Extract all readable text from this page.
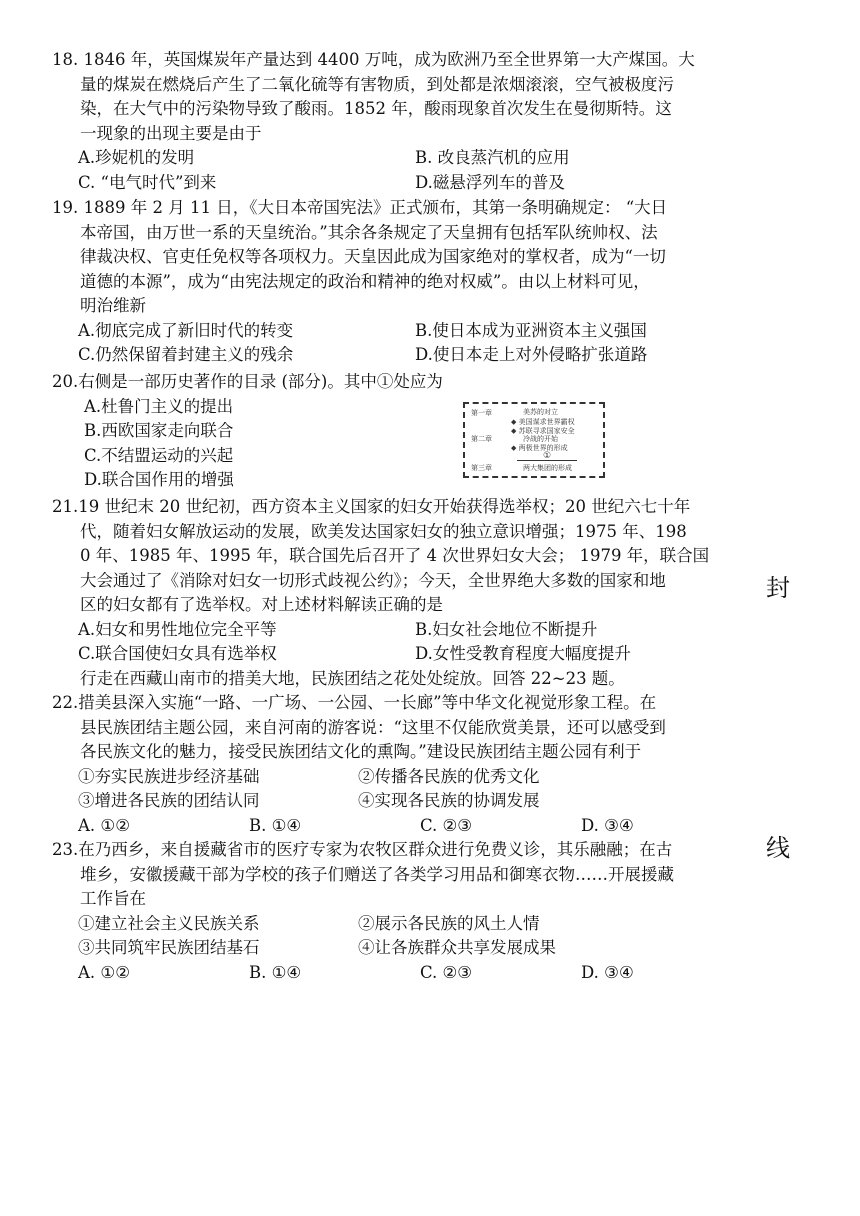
18. 1846 年，英国煤炭年产量达到 4400 万吨，成为欧洲乃至全世界第一大产煤国。大
量的煤炭在燃烧后产生了二氧化硫等有害物质，到处都是浓烟滚滚，空气被极度污
染，在大气中的污染物导致了酸雨。1852 年，酸雨现象首次发生在曼彻斯特。这
一现象的出现主要是由于
A.珍妮机的发明	B. 改良蒸汽机的应用
C. “电气时代”到来	D.磁悬浮列车的普及
19. 1889 年 2 月 11 日，《大日本帝国宪法》正式颁布，其第一条明确规定： “大日
本帝国，由万世一系的天皇统治。”其余各条规定了天皇拥有包括军队统帅权、法
律裁决权、官吏任免权等各项权力。天皇因此成为国家绝对的掌权者，成为“一切
道德的本源”，成为“由宪法规定的政治和精神的绝对权威”。由以上材料可见，
明治维新
A.彻底完成了新旧时代的转变	B.使日本成为亚洲资本主义强国
C.仍然保留着封建主义的残余	D.使日本走上对外侵略扩张道路
20.右侧是一部历史著作的目录 (部分)。其中①处应为
A.杜鲁门主义的提出
B.西欧国家走向联合
C.不结盟运动的兴起
D.联合国作用的增强
第一章	美苏的对立
◆ 美国谋求世界霸权
◆ 苏联寻求国家安全
第二章	冷战的开始
◆ 两极世界的形成
①
第三章	两大集团的形成
21.19 世纪末 20 世纪初，西方资本主义国家的妇女开始获得选举权；20 世纪六七十年
代，随着妇女解放运动的发展，欧美发达国家妇女的独立意识增强；1975 年、198
0 年、1985 年、1995 年，联合国先后召开了 4 次世界妇女大会； 1979 年，联合国
大会通过了《消除对妇女一切形式歧视公约》；今天，全世界绝大多数的国家和地
区的妇女都有了选举权。对上述材料解读正确的是
A.妇女和男性地位完全平等	B.妇女社会地位不断提升
C.联合国使妇女具有选举权	D.女性受教育程度大幅度提升
行走在西藏山南市的措美大地，民族团结之花处处绽放。回答 22~23 题。
22.措美县深入实施“一路、一广场、一公园、一长廊”等中华文化视觉形象工程。在
县民族团结主题公园，来自河南的游客说：“这里不仅能欣赏美景，还可以感受到
各民族文化的魅力，接受民族团结文化的熏陶。”建设民族团结主题公园有利于
①夯实民族进步经济基础	②传播各民族的优秀文化
③增进各民族的团结认同	④实现各民族的协调发展
A. ①②	B. ①④	C. ②③	D. ③④
23.在乃西乡，来自援藏省市的医疗专家为农牧区群众进行免费义诊，其乐融融；在古
堆乡，安徽援藏干部为学校的孩子们赠送了各类学习用品和御寒衣物……开展援藏
工作旨在
①建立社会主义民族关系	②展示各民族的风土人情
③共同筑牢民族团结基石	④让各族群众共享发展成果
A. ①②	B. ①④	C. ②③	D. ③④
封
线
